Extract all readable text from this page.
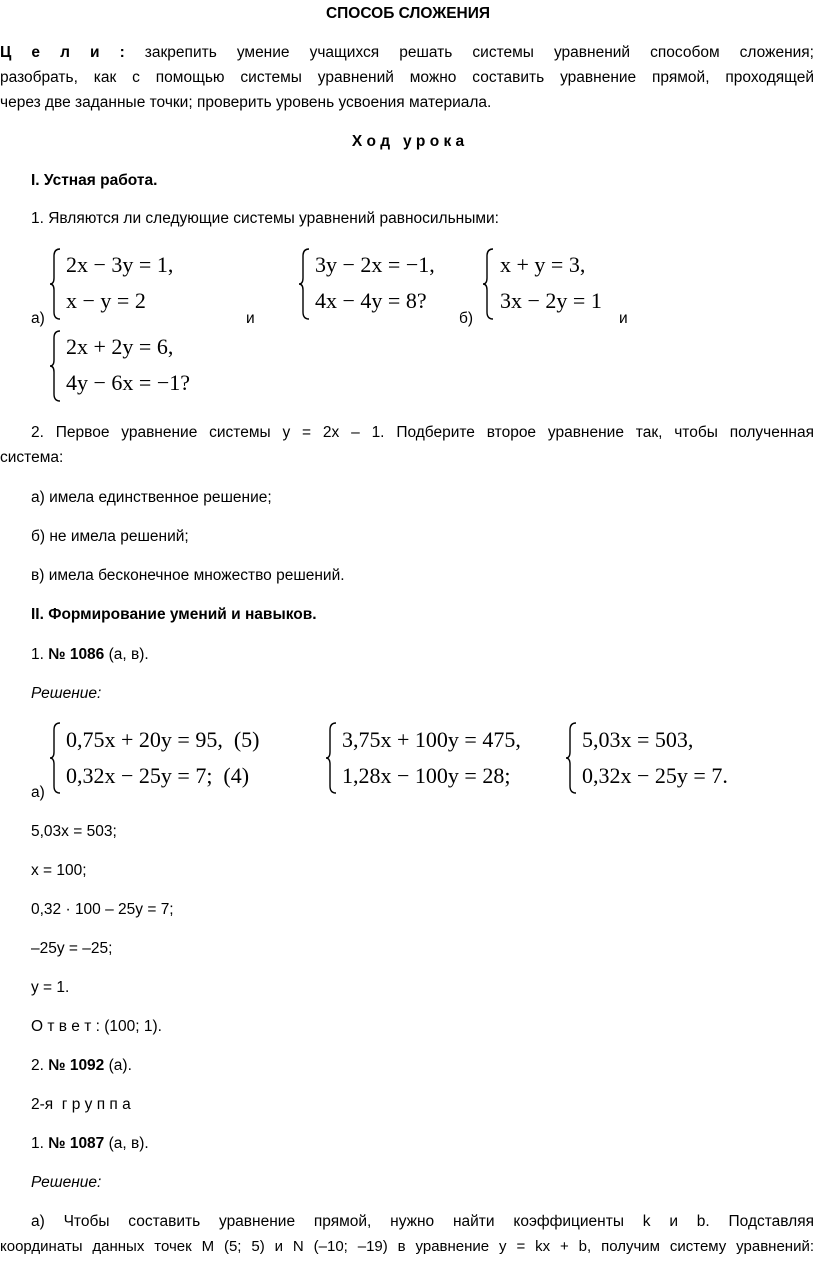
СПОСОБ СЛОЖЕНИЯ
Ц е л и : закрепить умение учащихся решать системы уравнений способом сложения;
разобрать, как с помощью системы уравнений можно составить уравнение прямой, проходящей
через две заданные точки; проверить уровень усвоения материала.
Х о д   у р о к а
I. Устная работа.
1. Являются ли следующие системы уравнений равносильными:
2x − 3y = 1,
x − y = 2
а)	и
3y − 2x = −1,
4x − 4y = 8?
б)
x + y = 3,
3x − 2y = 1
и
2x + 2y = 6,
4y − 6x = −1?
2. Первое уравнение системы y = 2x – 1. Подберите второе уравнение так, чтобы полученная
система:
а) имела единственное решение;
б) не имела решений;
в) имела бесконечное множество решений.
II. Формирование умений и навыков.
1. № 1086 (а, в).
Решение:
0,75x + 20y = 95,  (5)
0,32x − 25y = 7;  (4)
а)
3,75x + 100y = 475,
1,28x − 100y = 28;
5,03x = 503,
0,32x − 25y = 7.
5,03x = 503;
x = 100;
0,32 · 100 – 25y = 7;
–25y = –25;
y = 1.
О т в е т : (100; 1).
2. № 1092 (а).
2-я  г р у п п а
1. № 1087 (а, в).
Решение:
а) Чтобы составить уравнение прямой, нужно найти коэффициенты k и b. Подставляя
координаты данных точек M (5; 5) и N (–10; –19) в уравнение y = kx + b, получим систему уравнений:
